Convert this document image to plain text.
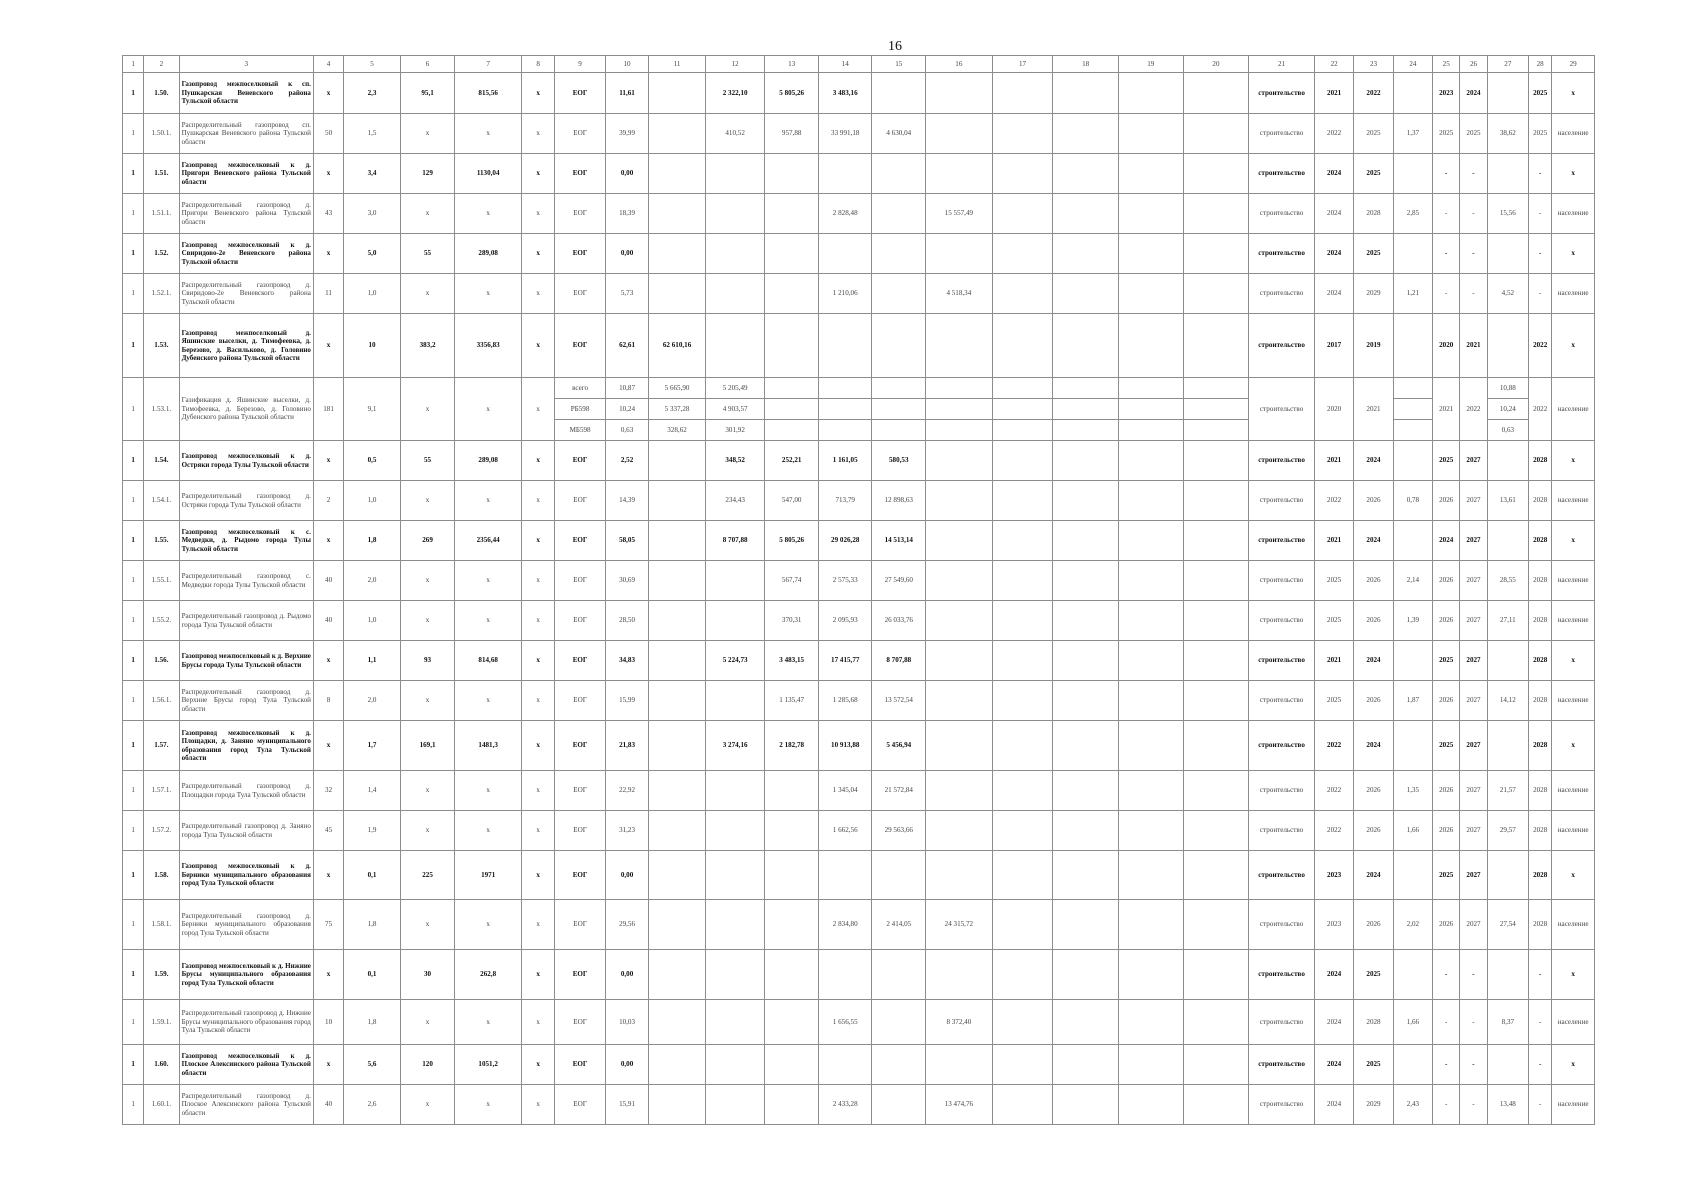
16
1	2	3	4	5	6	7	8	9	10	11	12	13	14	15	16	17	18	19	20	21	22	23	24	25	26	27	28	29
1	1.50.	Газопровод межпоселковый к сп. Пушкарская Веневского района Тульской области	x	2,3	95,1	815,56	x	ЕОГ	11,61		2 322,10	5 805,26	3 483,16							строительство	2021	2022		2023	2024		2025	x
1	1.50.1.	Распределительный газопровод сп. Пушкарская Веневского района Тульской области	50	1,5	x	x	x	ЕОГ	39,99		410,52	957,88	33 991,18	4 630,04						строительство	2022	2025	1,37	2025	2025	38,62	2025	население
1	1.51.	Газопровод межпоселковый к д. Пригори Веневского района Тульской области	x	3,4	129	1130,04	x	ЕОГ	0,00											строительство	2024	2025		-	-		-	x
1	1.51.1.	Распределительный газопровод д. Пригори Веневского района Тульской области	43	3,0	x	x	x	ЕОГ	18,39				2 828,48		15 557,49					строительство	2024	2028	2,85	-	-	15,56	-	население
1	1.52.	Газопровод межпоселковый к д. Свиридово-2е Веневского района Тульской области	x	5,0	55	289,08	x	ЕОГ	0,00											строительство	2024	2025		-	-		-	x
1	1.52.1.	Распределительный газопровод д. Свиридово-2е Веневского района Тульской области	11	1,0	x	x	x	ЕОГ	5,73				1 210,06		4 518,34					строительство	2024	2029	1,21	-	-	4,52	-	население
1	1.53.	Газопровод межпоселковый д. Яшинские выселки, д. Тимофеевка, д. Березово, д. Васильково, д. Головино Дубенского района Тульской области	x	10	383,2	3356,83	x	ЕОГ	62,61	62 610,16										строительство	2017	2019		2020	2021		2022	x
1	1.53.1.	Газификация д. Яшинские выселки, д. Тимофеевка, д. Березово, д. Головино Дубенского района Тульской области	181	9,1	x	x	x	всего	10,87	5 665,90	5 205,49									строительство	2020	2021		2021	2022	10,88	2022	население
								РБ598	10,24	5 337,28	4 903,57															10,24		
								МБ598	0,63	328,62	301,92															0,63		
1	1.54.	Газопровод межпоселковый к д. Остряки города Тулы Тульской области	x	0,5	55	289,08	x	ЕОГ	2,52		348,52	252,21	1 161,05	580,53						строительство	2021	2024		2025	2027		2028	x
1	1.54.1.	Распределительный газопровод д. Остряки города Тулы Тульской области	2	1,0	x	x	x	ЕОГ	14,39		234,43	547,00	713,79	12 898,63						строительство	2022	2026	0,78	2026	2027	13,61	2028	население
1	1.55.	Газопровод межпоселковый к с. Медведки, д. Рыдомо города Тулы Тульской области	x	1,8	269	2356,44	x	ЕОГ	58,05		8 707,88	5 805,26	29 026,28	14 513,14						строительство	2021	2024		2024	2027		2028	x
1	1.55.1.	Распределительный газопровод с. Медведки города Тулы Тульской области	40	2,0	x	x	x	ЕОГ	30,69			567,74	2 575,33	27 549,60						строительство	2025	2026	2,14	2026	2027	28,55	2028	население
1	1.55.2.	Распределительный газопровод д. Рыдомо города Тула Тульской области	40	1,0	x	x	x	ЕОГ	28,50			370,31	2 095,93	26 033,76						строительство	2025	2026	1,39	2026	2027	27,11	2028	население
1	1.56.	Газопровод межпоселковый к д. Верхние Брусы города Тулы Тульской области	x	1,1	93	814,68	x	ЕОГ	34,83		5 224,73	3 483,15	17 415,77	8 707,88						строительство	2021	2024		2025	2027		2028	x
1	1.56.1.	Распределительный газопровод д. Верхние Брусы город Тула Тульской области	8	2,0	x	x	x	ЕОГ	15,99			1 135,47	1 285,68	13 572,54						строительство	2025	2026	1,87	2026	2027	14,12	2028	население
1	1.57.	Газопровод межпоселковый к д. Площадки, д. Заняно муниципального образования город Тула Тульской области	x	1,7	169,1	1481,3	x	ЕОГ	21,83		3 274,16	2 182,78	10 913,88	5 456,94						строительство	2022	2024		2025	2027		2028	x
1	1.57.1.	Распределительный газопровод д. Площадки города Тула Тульской области	32	1,4	x	x	x	ЕОГ	22,92				1 345,04	21 572,84						строительство	2022	2026	1,35	2026	2027	21,57	2028	население
1	1.57.2.	Распределительный газопровод д. Заняно города Тула Тульской области	45	1,9	x	x	x	ЕОГ	31,23				1 662,56	29 563,66						строительство	2022	2026	1,66	2026	2027	29,57	2028	население
1	1.58.	Газопровод межпоселковый к д. Берники муниципального образования город Тула Тульской области	x	0,1	225	1971	x	ЕОГ	0,00											строительство	2023	2024		2025	2027		2028	x
1	1.58.1.	Распределительный газопровод д. Берники муниципального образования город Тула Тульской области	75	1,8	x	x	x	ЕОГ	29,56				2 834,80	2 414,05	24 315,72					строительство	2023	2026	2,02	2026	2027	27,54	2028	население
1	1.59.	Газопровод межпоселковый к д. Нижние Брусы муниципального образования город Тула Тульской области	x	0,1	30	262,8	x	ЕОГ	0,00											строительство	2024	2025		-	-		-	x
1	1.59.1.	Распределительный газопровод д. Нижние Брусы муниципального образования город Тула Тульской области	10	1,8	x	x	x	ЕОГ	10,03				1 656,55		8 372,40					строительство	2024	2028	1,66	-	-	8,37	-	население
1	1.60.	Газопровод межпоселковый к д. Плоское Алексинского района Тульской области	x	5,6	120	1051,2	x	ЕОГ	0,00											строительство	2024	2025		-	-		-	x
1	1.60.1.	Распределительный газопровод д. Плоское Алексинского района Тульской области	40	2,6	x	x	x	ЕОГ	15,91				2 433,28		13 474,76					строительство	2024	2029	2,43	-	-	13,48	-	население
